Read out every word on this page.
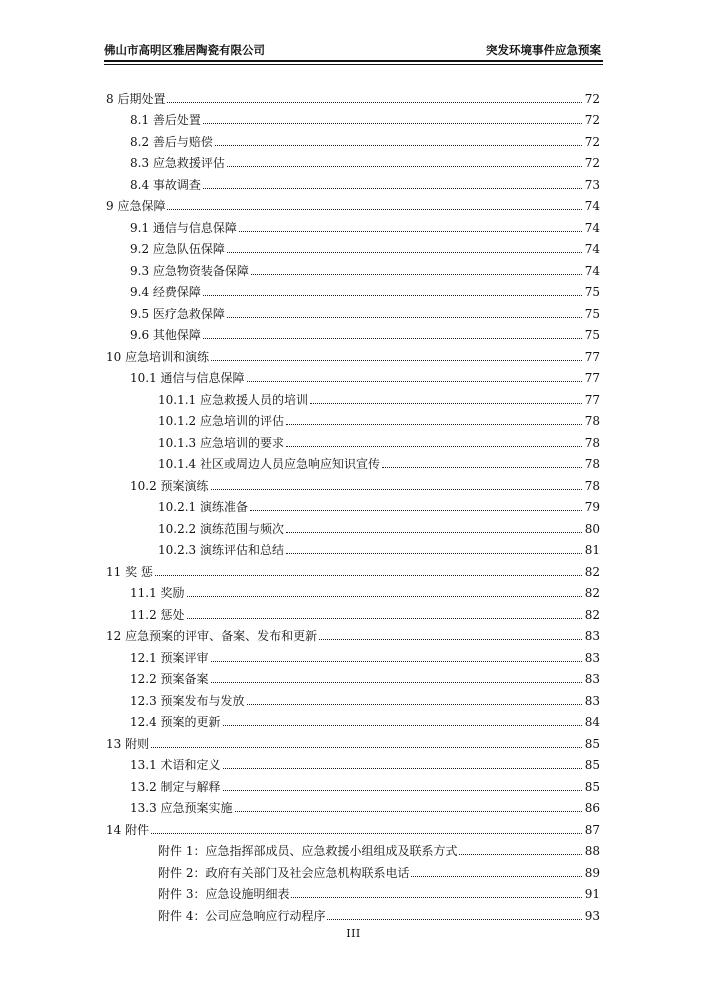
佛山市高明区雅居陶瓷有限公司	突发环境事件应急预案
8 后期处置	72
8.1 善后处置	72
8.2 善后与赔偿	72
8.3 应急救援评估	72
8.4 事故调查	73
9 应急保障	74
9.1 通信与信息保障	74
9.2 应急队伍保障	74
9.3 应急物资装备保障	74
9.4 经费保障	75
9.5 医疗急救保障	75
9.6 其他保障	75
10 应急培训和演练	77
10.1 通信与信息保障	77
10.1.1 应急救援人员的培训	77
10.1.2 应急培训的评估	78
10.1.3 应急培训的要求	78
10.1.4 社区或周边人员应急响应知识宣传	78
10.2 预案演练	78
10.2.1 演练准备	79
10.2.2 演练范围与频次	80
10.2.3 演练评估和总结	81
11 奖 惩	82
11.1 奖励	82
11.2 惩处	82
12 应急预案的评审、备案、发布和更新	83
12.1 预案评审	83
12.2 预案备案	83
12.3 预案发布与发放	83
12.4 预案的更新	84
13 附则	85
13.1 术语和定义	85
13.2 制定与解释	85
13.3 应急预案实施	86
14 附件	87
附件 1：应急指挥部成员、应急救援小组组成及联系方式	88
附件 2：政府有关部门及社会应急机构联系电话	89
附件 3：应急设施明细表	91
附件 4：公司应急响应行动程序	93
III
